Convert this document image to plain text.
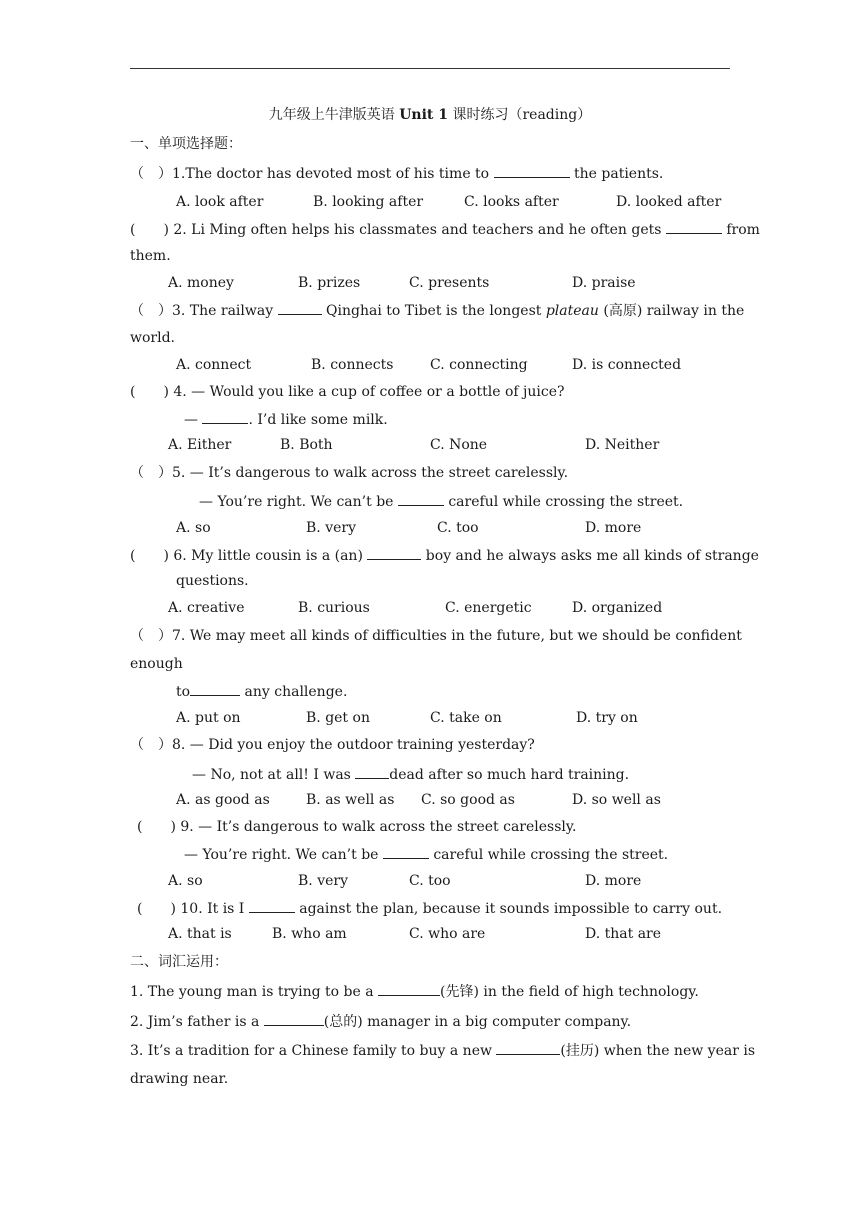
九年级上牛津版英语 Unit 1 课时练习（reading）
一、单项选择题：
（　）1.The doctor has devoted most of his time to	the patients.
A. look after	B. looking after	C. looks after	D. looked after
(　　) 2. Li Ming often helps his classmates and teachers and he often gets	from
them.
A. money	B. prizes	C. presents	D. praise
（　）3. The railway	Qinghai to Tibet is the longest plateau (高原) railway in the
world.
A. connect	B. connects	C. connecting	D. is connected
(　　) 4. — Would you like a cup of coffee or a bottle of juice?
—	. I’d like some milk.
A. Either	B. Both	C. None	D. Neither
（　）5. — It’s dangerous to walk across the street carelessly.
— You’re right. We can’t be	careful while crossing the street.
A. so	B. very	C. too	D. more
(　　) 6. My little cousin is a (an)	boy and he always asks me all kinds of strange
questions.
A. creative	B. curious	C. energetic	D. organized
（　）7. We may meet all kinds of difficulties in the future, but we should be confident
enough
to	any challenge.
A. put on	B. get on	C. take on	D. try on
（　）8. — Did you enjoy the outdoor training yesterday?
— No, not at all! I was dead after so much hard training.
A. as good as	B. as well as C. so good as	D. so well as
(　　) 9. — It’s dangerous to walk across the street carelessly.
— You’re right. We can’t be	careful while crossing the street.
A. so	B. very	C. too	D. more
(　　) 10. It is I	against the plan, because it sounds impossible to carry out.
A. that is	B. who am	C. who are	D. that are
二、词汇运用：
1. The young man is trying to be a	(先锋) in the field of high technology.
2. Jim’s father is a	(总的) manager in a big computer company.
3. It’s a tradition for a Chinese family to buy a new	(挂历) when the new year is
drawing near.
